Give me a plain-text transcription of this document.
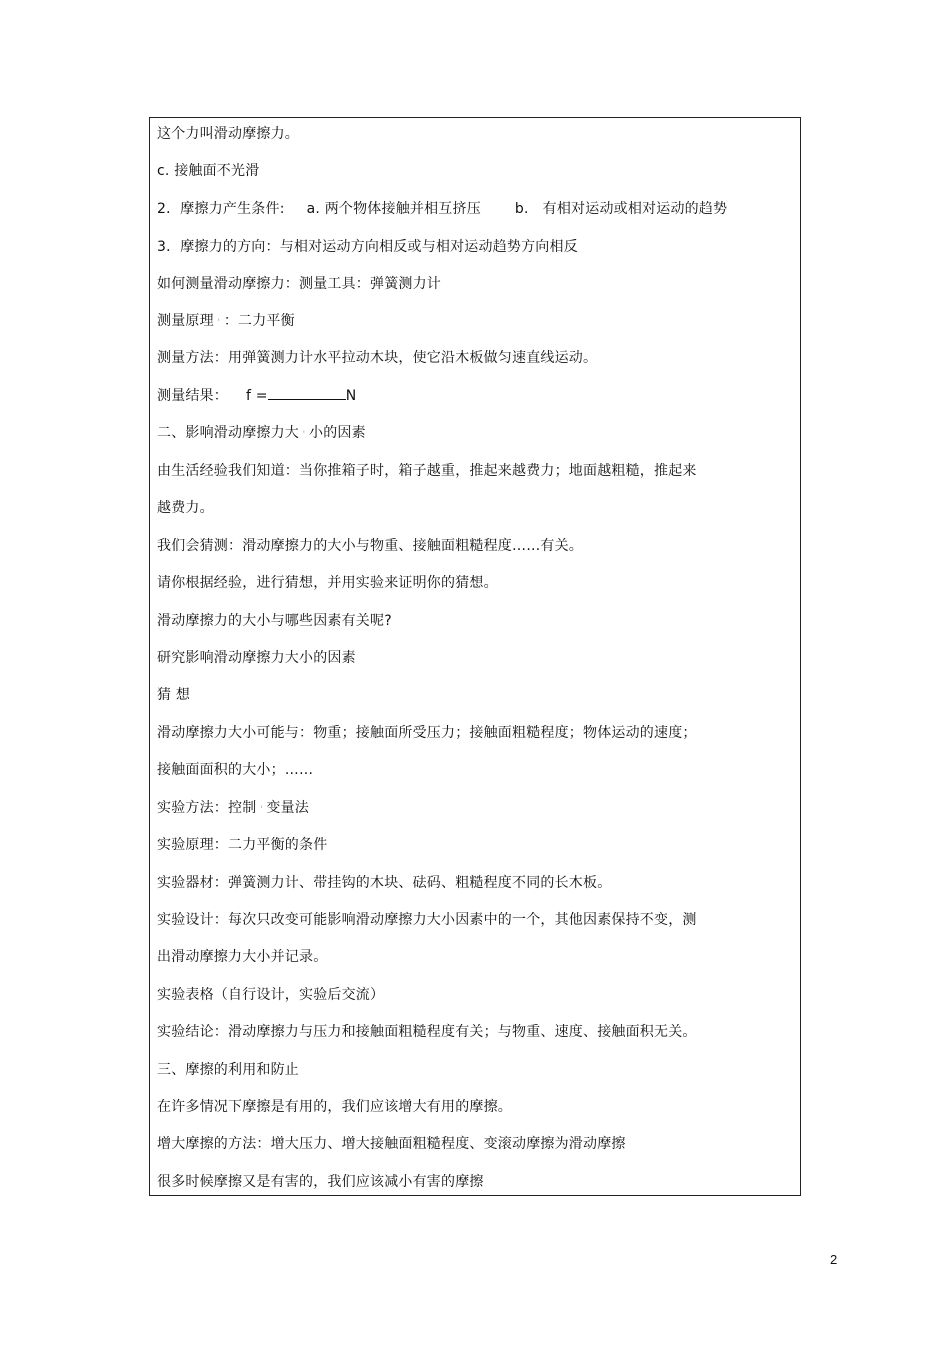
这个力叫滑动摩擦力。
c. 接触面不光滑
2．摩擦力产生条件: a. 两个物体接触并相互挤压 b. 有相对运动或相对运动的趋势
3．摩擦力的方向：与相对运动方向相反或与相对运动趋势方向相反
如何测量滑动摩擦力：测量工具：弹簧测力计
测量原理 ' ：二力平衡
测量方法：用弹簧测力计水平拉动木块，使它沿木板做匀速直线运动。
测量结果： f =	N
二、影响滑动摩擦力大 ' 小的因素
由生活经验我们知道：当你推箱子时，箱子越重，推起来越费力；地面越粗糙，推起来
越费力。
我们会猜测：滑动摩擦力的大小与物重、接触面粗糙程度……有关。
请你根据经验，进行猜想，并用实验来证明你的猜想。
滑动摩擦力的大小与哪些因素有关呢?
研究影响滑动摩擦力大小的因素
猜 想
滑动摩擦力大小可能与：物重；接触面所受压力；接触面粗糙程度；物体运动的速度；
接触面面积的大小；……
实验方法：控制 ' 变量法
实验原理：二力平衡的条件
实验器材：弹簧测力计、带挂钩的木块、砝码、粗糙程度不同的长木板。
实验设计：每次只改变可能影响滑动摩擦力大小因素中的一个，其他因素保持不变，测
出滑动摩擦力大小并记录。
实验表格（自行设计，实验后交流）
实验结论：滑动摩擦力与压力和接触面粗糙程度有关；与物重、速度、接触面积无关。
三、摩擦的利用和防止
在许多情况下摩擦是有用的，我们应该增大有用的摩擦。
增大摩擦的方法：增大压力、增大接触面粗糙程度、变滚动摩擦为滑动摩擦
很多时候摩擦又是有害的，我们应该减小有害的摩擦
2
